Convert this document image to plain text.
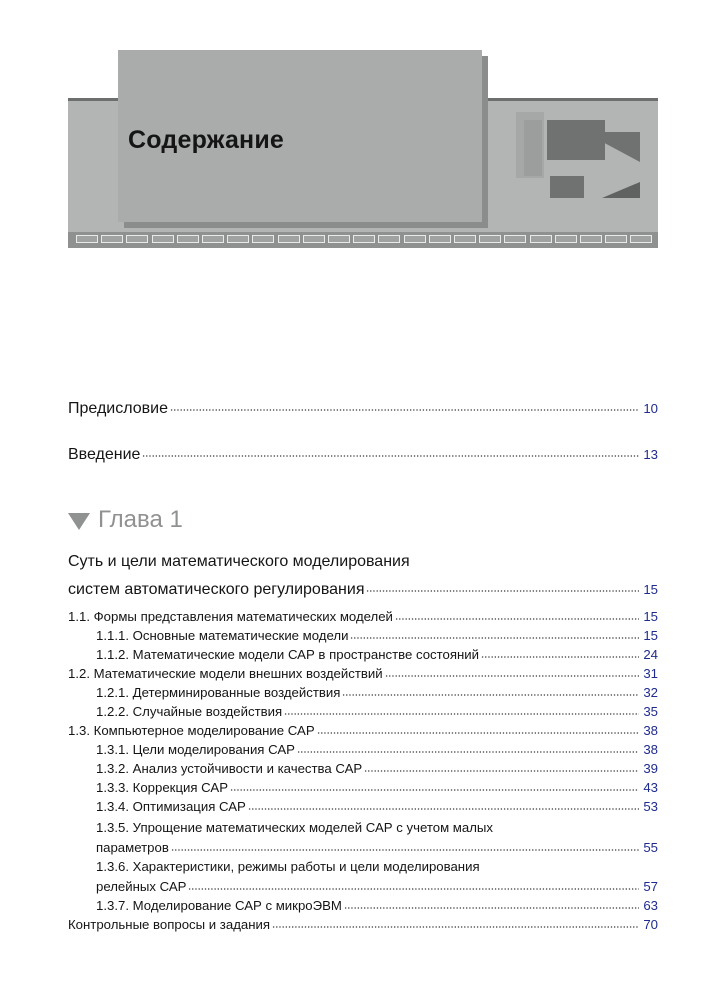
Содержание
Предисловие	10
Введение	13
Глава 1
Суть и цели математического моделирования
систем автоматического регулирования	15
1.1. Формы представления математических моделей	15
1.1.1. Основные математические модели	15
1.1.2. Математические модели САР в пространстве состояний	24
1.2. Математические модели внешних воздействий	31
1.2.1. Детерминированные воздействия	32
1.2.2. Случайные воздействия	35
1.3. Компьютерное моделирование САР	38
1.3.1. Цели моделирования САР	38
1.3.2. Анализ устойчивости и качества САР	39
1.3.3. Коррекция САР	43
1.3.4. Оптимизация САР	53
1.3.5. Упрощение математических моделей САР с учетом малых
параметров	55
1.3.6. Характеристики, режимы работы и цели моделирования
релейных САР	57
1.3.7. Моделирование САР с микроЭВМ	63
Контрольные вопросы и задания	70
